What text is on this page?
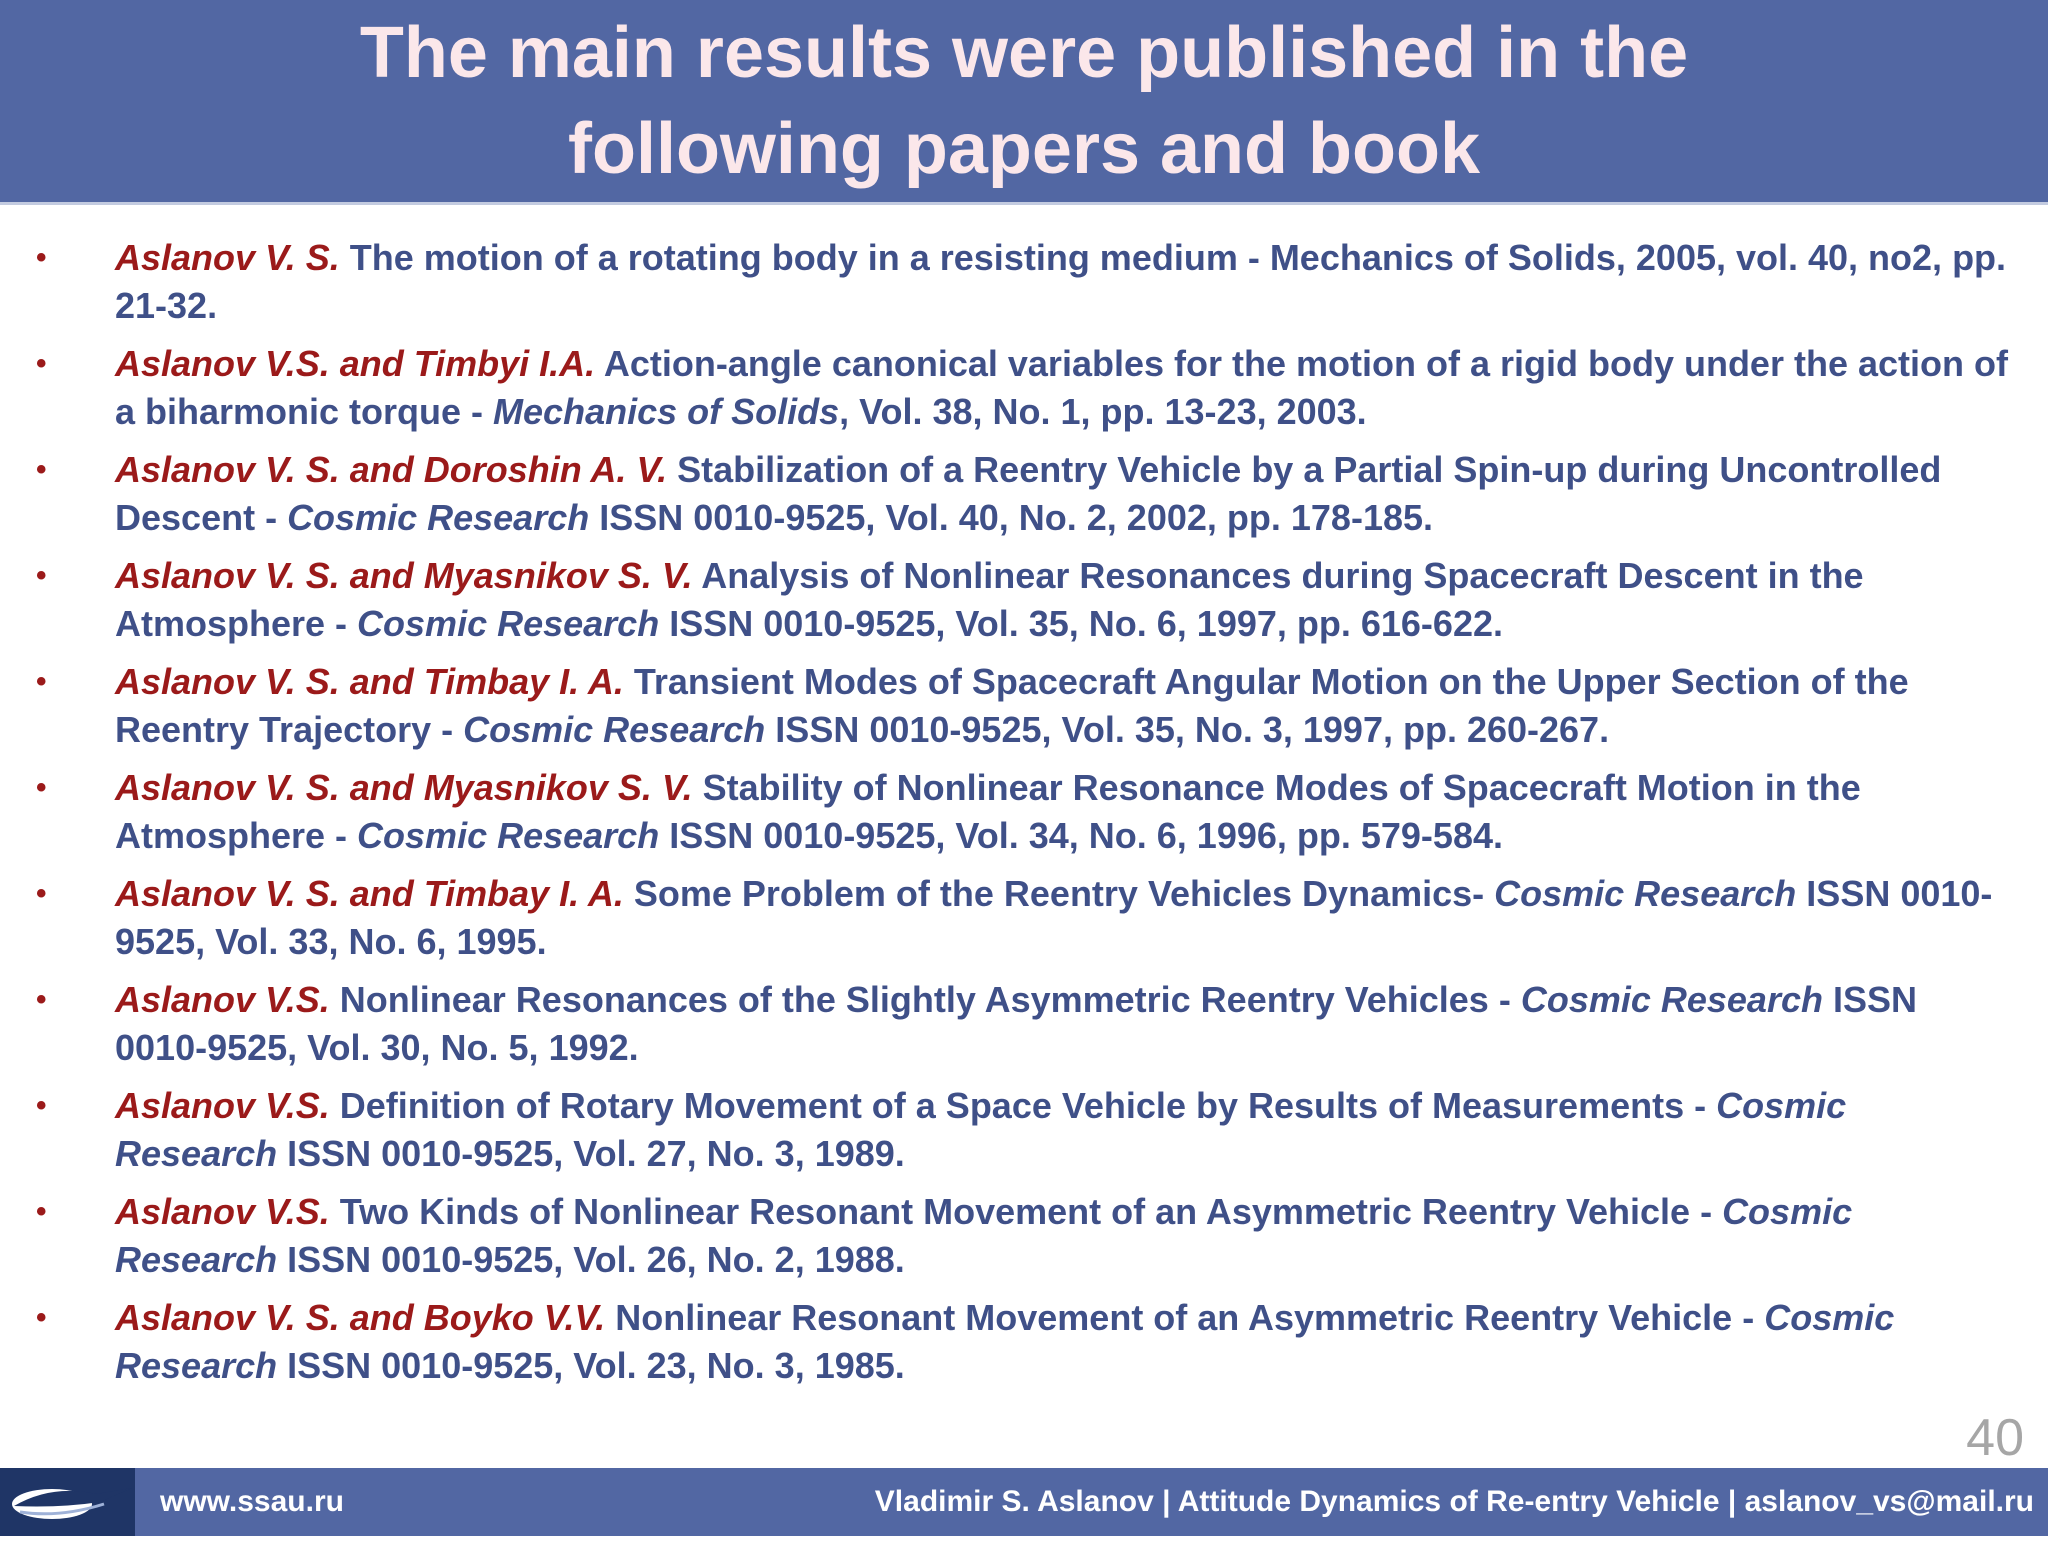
The main results were published in the
following papers and book
• Aslanov V. S. The motion of a rotating body in a resisting medium - Mechanics of Solids, 2005, vol. 40, no2, pp. 21-32.
• Aslanov V.S. and Timbyi I.A. Action-angle canonical variables for the motion of a rigid body under the action of a biharmonic torque - Mechanics of Solids, Vol. 38, No. 1, pp. 13-23, 2003.
• Aslanov V. S. and Doroshin A. V. Stabilization of a Reentry Vehicle by a Partial Spin-up during Uncontrolled Descent - Cosmic Research ISSN 0010-9525, Vol. 40, No. 2, 2002, pp. 178-185.
• Aslanov V. S. and Myasnikov S. V. Analysis of Nonlinear Resonances during Spacecraft Descent in the Atmosphere - Cosmic Research ISSN 0010-9525, Vol. 35, No. 6, 1997, pp. 616-622.
• Aslanov V. S. and Timbay I. A. Transient Modes of Spacecraft Angular Motion on the Upper Section of the Reentry Trajectory - Cosmic Research ISSN 0010-9525, Vol. 35, No. 3, 1997, pp. 260-267.
• Aslanov V. S. and Myasnikov S. V. Stability of Nonlinear Resonance Modes of Spacecraft Motion in the Atmosphere - Cosmic Research ISSN 0010-9525, Vol. 34, No. 6, 1996, pp. 579-584.
• Aslanov V. S. and Timbay I. A. Some Problem of the Reentry Vehicles Dynamics- Cosmic Research ISSN 0010-9525, Vol. 33, No. 6, 1995.
• Aslanov V.S. Nonlinear Resonances of the Slightly Asymmetric Reentry Vehicles - Cosmic Research ISSN 0010-9525, Vol. 30, No. 5, 1992.
• Aslanov V.S. Definition of Rotary Movement of a Space Vehicle by Results of Measurements - Cosmic Research ISSN 0010-9525, Vol. 27, No. 3, 1989.
• Aslanov V.S. Two Kinds of Nonlinear Resonant Movement of an Asymmetric Reentry Vehicle - Cosmic Research ISSN 0010-9525, Vol. 26, No. 2, 1988.
• Aslanov V. S. and Boyko V.V. Nonlinear Resonant Movement of an Asymmetric Reentry Vehicle - Cosmic Research ISSN 0010-9525, Vol. 23, No. 3, 1985.
40
www.ssau.ru	Vladimir S. Aslanov | Attitude Dynamics of Re-entry Vehicle | aslanov_vs@mail.ru
